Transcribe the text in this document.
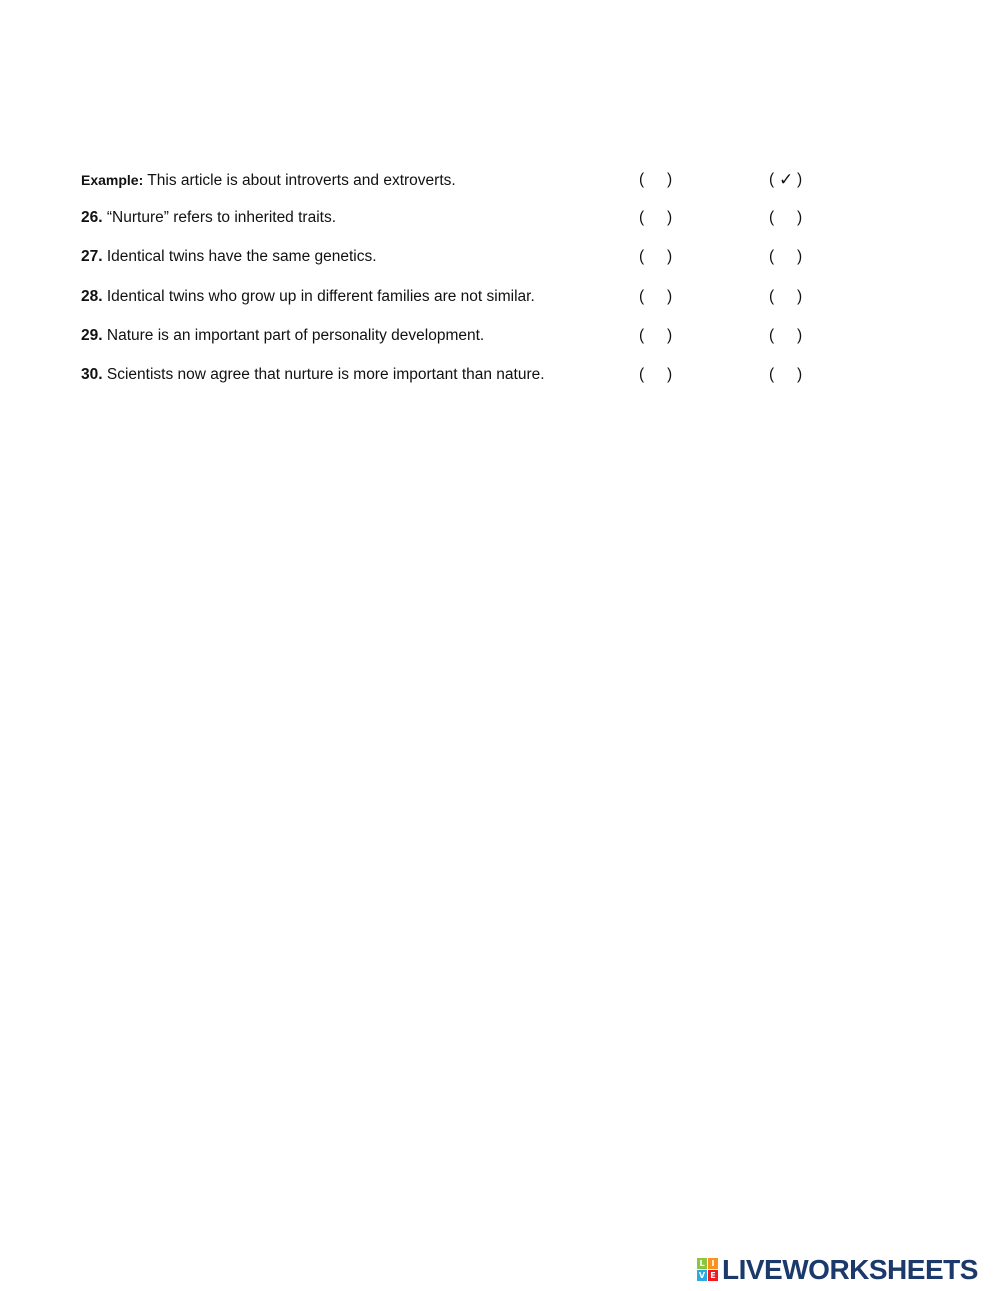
Example: This article is about introverts and extroverts.	( )	( ✓ )
26. “Nurture” refers to inherited traits.	( )	( )
27. Identical twins have the same genetics.	( )	( )
28. Identical twins who grow up in different families are not similar.	( )	( )
29. Nature is an important part of personality development.	( )	( )
30. Scientists now agree that nurture is more important than nature.	( )	( )
L I
V E LIVEWORKSHEETS
